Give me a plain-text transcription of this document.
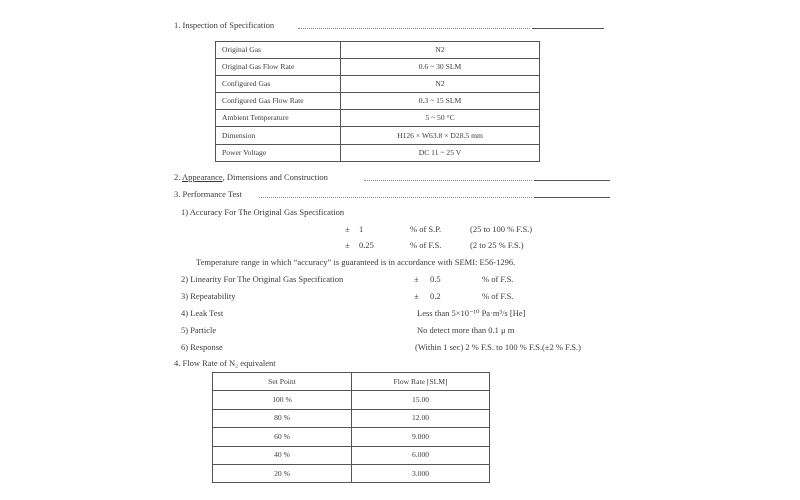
1. Inspection of Specification
Original Gas	N2
Original Gas Flow Rate	0.6 ~ 30 SLM
Configured Gas	N2
Configured Gas Flow Rate	0.3 ~ 15 SLM
Ambient Temperature	5 ~ 50 °C
Dimension	H126 × W63.8 × D28.5 mm
Power Voltage	DC 11 ~ 25 V
2. Appearance, Dimensions and Construction
3. Performance Test
1) Accuracy For The Original Gas Specification
± 1	% of S.P.	(25 to 100 % F.S.)
± 0.25	% of F.S.	(2 to 25 % F.S.)
Temperature range in which “accuracy” is guaranteed is in accordance with SEMI: E56-1296.
2) Linearity For The Original Gas Specification	± 0.5	% of F.S.
3) Repeatability	± 0.2	% of F.S.
4) Leak Test	Less than 5×10⁻¹⁰ Pa·m³/s [He]
5) Particle	No detect more than 0.1 μ m
6) Response	(Within 1 sec) 2 % F.S. to 100 % F.S.(±2 % F.S.)
4. Flow Rate of N₂ equivalent
Set Point	Flow Rate [SLM]
100 %	15.00
80 %	12.00
60 %	9.000
40 %	6.000
20 %	3.000
